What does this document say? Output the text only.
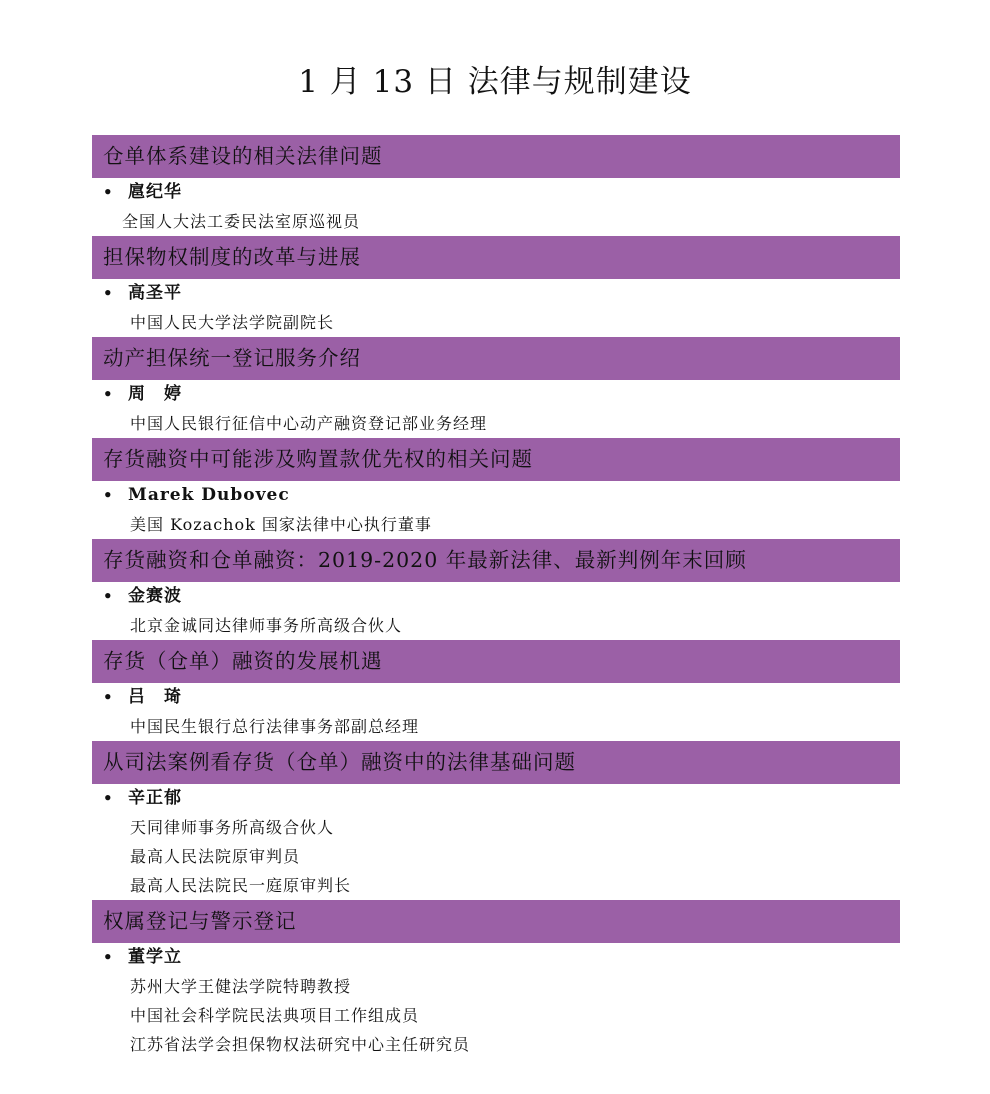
1 月 13 日 法律与规制建设
仓单体系建设的相关法律问题
• 扈纪华
全国人大法工委民法室原巡视员
担保物权制度的改革与进展
• 高圣平
中国人民大学法学院副院长
动产担保统一登记服务介绍
• 周　婷
中国人民银行征信中心动产融资登记部业务经理
存货融资中可能涉及购置款优先权的相关问题
• Marek Dubovec
美国 Kozachok 国家法律中心执行董事
存货融资和仓单融资：2019-2020 年最新法律、最新判例年末回顾
• 金赛波
北京金诚同达律师事务所高级合伙人
存货（仓单）融资的发展机遇
• 吕　琦
中国民生银行总行法律事务部副总经理
从司法案例看存货（仓单）融资中的法律基础问题
• 辛正郁
天同律师事务所高级合伙人
最高人民法院原审判员
最高人民法院民一庭原审判长
权属登记与警示登记
• 董学立
苏州大学王健法学院特聘教授
中国社会科学院民法典项目工作组成员
江苏省法学会担保物权法研究中心主任研究员
